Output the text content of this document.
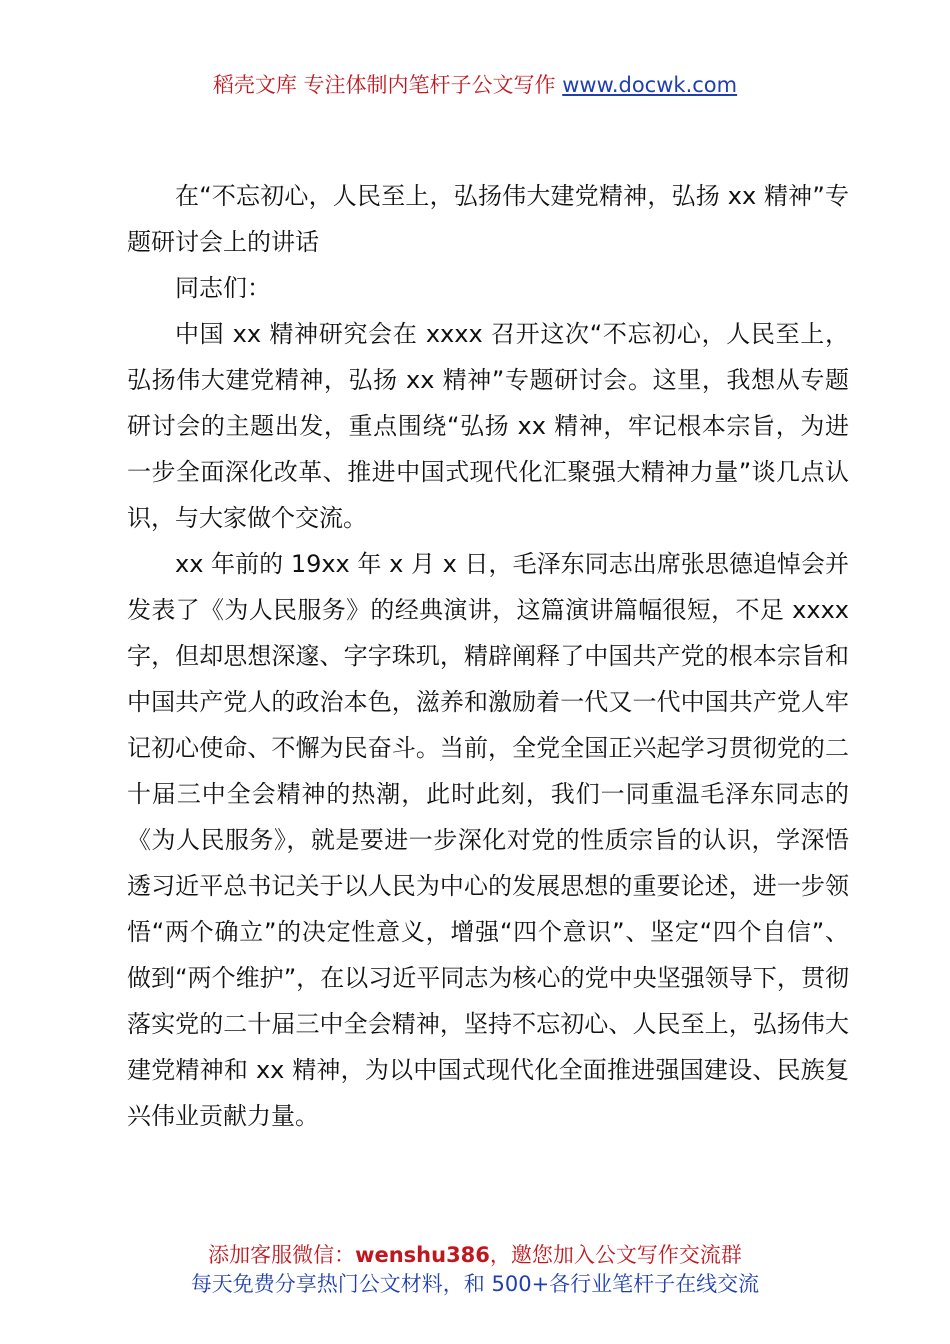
稻壳文库 专注体制内笔杆子公文写作 www.docwk.com

在“不忘初心，人民至上，弘扬伟大建党精神，弘扬 xx 精神”专题研讨会上的讲话

同志们：

中国 xx 精神研究会在 xxxx 召开这次“不忘初心，人民至上，弘扬伟大建党精神，弘扬 xx 精神”专题研讨会。这里，我想从专题研讨会的主题出发，重点围绕“弘扬 xx 精神，牢记根本宗旨，为进一步全面深化改革、推进中国式现代化汇聚强大精神力量”谈几点认识，与大家做个交流。

xx 年前的 19xx 年 x 月 x 日，毛泽东同志出席张思德追悼会并发表了《为人民服务》的经典演讲，这篇演讲篇幅很短，不足 xxxx 字，但却思想深邃、字字珠玑，精辟阐释了中国共产党的根本宗旨和中国共产党人的政治本色，滋养和激励着一代又一代中国共产党人牢记初心使命、不懈为民奋斗。当前，全党全国正兴起学习贯彻党的二十届三中全会精神的热潮，此时此刻，我们一同重温毛泽东同志的《为人民服务》，就是要进一步深化对党的性质宗旨的认识，学深悟透习近平总书记关于以人民为中心的发展思想的重要论述，进一步领悟“两个确立”的决定性意义，增强“四个意识”、坚定“四个自信”、做到“两个维护”，在以习近平同志为核心的党中央坚强领导下，贯彻落实党的二十届三中全会精神，坚持不忘初心、人民至上，弘扬伟大建党精神和 xx 精神，为以中国式现代化全面推进强国建设、民族复兴伟业贡献力量。

添加客服微信：wenshu386，邀您加入公文写作交流群
每天免费分享热门公文材料，和 500+各行业笔杆子在线交流
